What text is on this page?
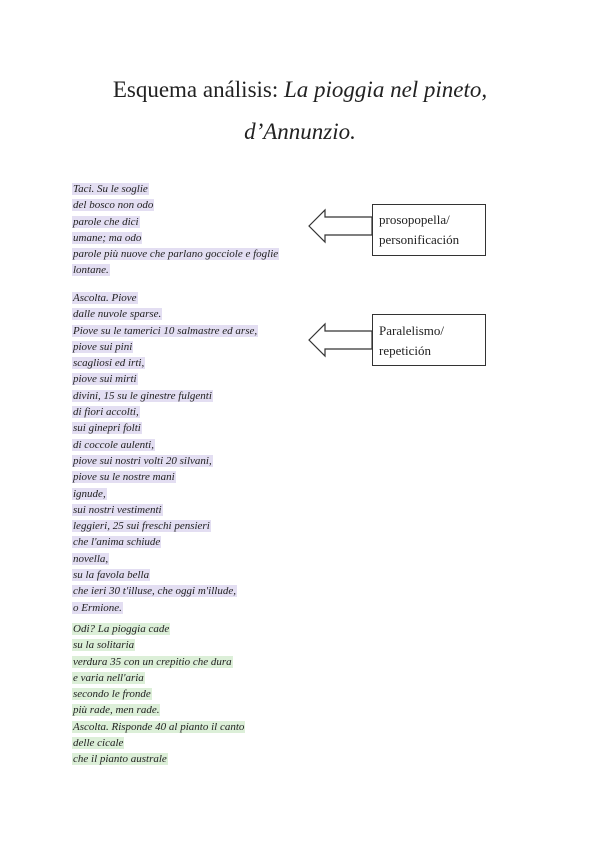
Esquema análisis: La pioggia nel pineto,
d’Annunzio.
Taci. Su le soglie
del bosco non odo
parole che dici
umane; ma odo
parole più nuove che parlano gocciole e foglie
lontane.
Ascolta. Piove
dalle nuvole sparse.
Piove su le tamerici 10 salmastre ed arse,
piove sui pini
scagliosi ed irti,
piove sui mirti
divini, 15 su le ginestre fulgenti
di fiori accolti,
sui ginepri folti
di coccole aulenti,
piove sui nostri volti 20 silvani,
piove su le nostre mani
ignude,
sui nostri vestimenti
leggieri, 25 sui freschi pensieri
che l'anima schiude
novella,
su la favola bella
che ieri 30 t'illuse, che oggi m'illude,
o Ermione.
Odi? La pioggia cade
su la solitaria
verdura 35 con un crepitio che dura
e varia nell'aria
secondo le fronde
più rade, men rade.
Ascolta. Risponde 40 al pianto il canto
delle cicale
che il pianto australe
prosopopella/
personificación
Paralelismo/
repetición
